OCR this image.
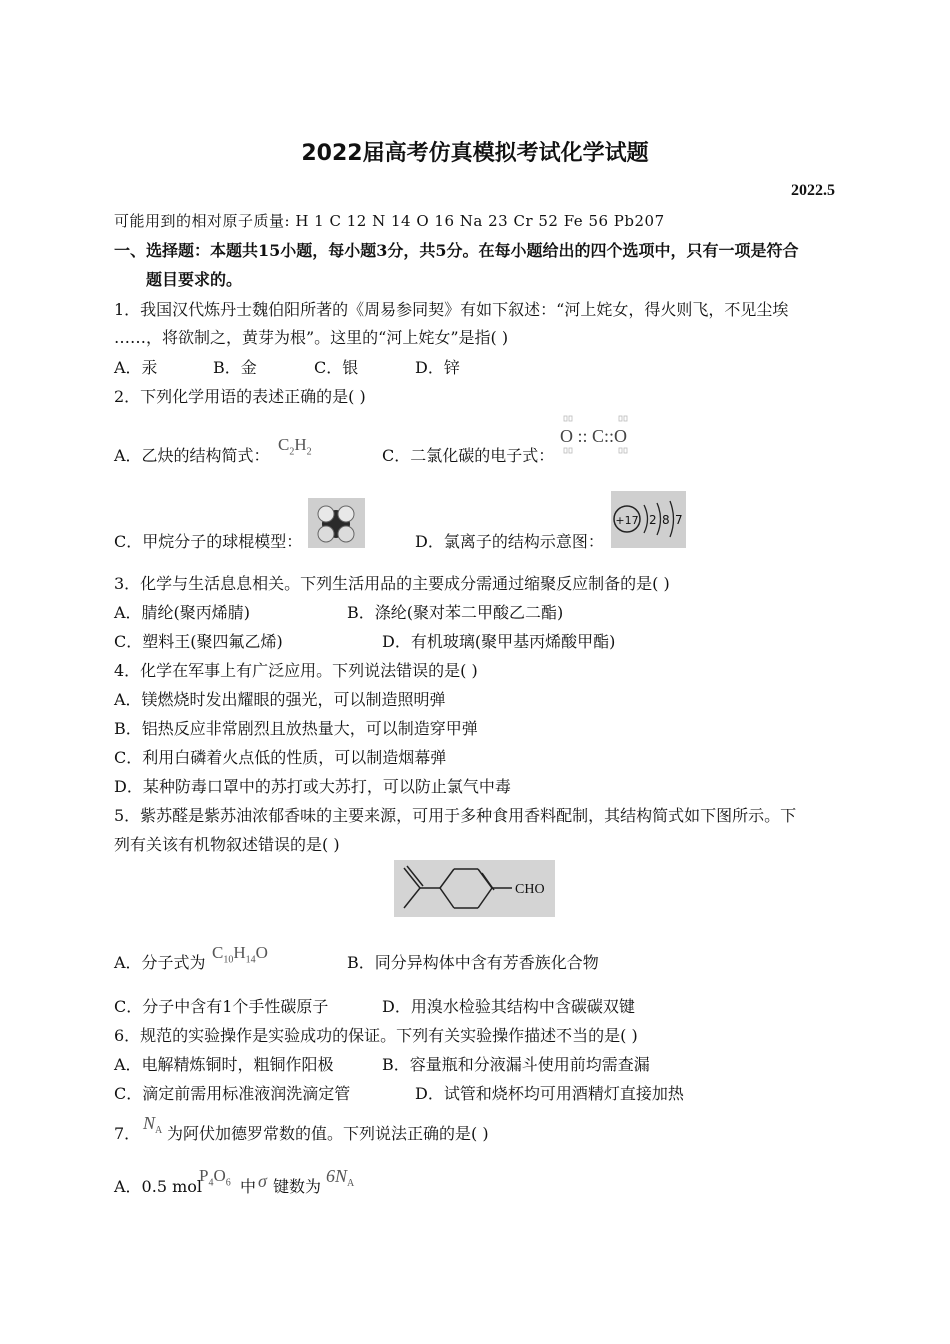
2022届高考仿真模拟考试化学试题
2022.5
可能用到的相对原子质量: H 1 C 12 N 14 O 16 Na 23 Cr 52 Fe 56 Pb207
一、选择题：本题共15小题，每小题3分，共5分。在每小题给出的四个选项中，只有一项是符合
题目要求的。
1．我国汉代炼丹士魏伯阳所著的《周易参同契》有如下叙述：“河上姹女，得火则飞，不见尘埃
……，将欲制之，黄芽为根”。这里的“河上姹女”是指( )
A．汞	B．金	C．银	D．锌
2．下列化学用语的表述正确的是( )
A．乙炔的结构简式：
$C_2H_2$	C．二氯化碳的电子式：
O :: C::O
C．甲烷分子的球棍模型：	D．氯离子的结构示意图：
+17 2 8 7
3．化学与生活息息相关。下列生活用品的主要成分需通过缩聚反应制备的是( )
A．腈纶(聚丙烯腈)	B．涤纶(聚对苯二甲酸乙二酯)
C．塑料王(聚四氟乙烯)	D．有机玻璃(聚甲基丙烯酸甲酯)
4．化学在军事上有广泛应用。下列说法错误的是( )
A．镁燃烧时发出耀眼的强光，可以制造照明弹
B．铝热反应非常剧烈且放热量大，可以制造穿甲弹
C．利用白磷着火点低的性质，可以制造烟幕弹
D．某种防毒口罩中的苏打或大苏打，可以防止氯气中毒
5．紫苏醛是紫苏油浓郁香味的主要来源，可用于多种食用香料配制，其结构简式如下图所示。下
列有关该有机物叙述错误的是( )
CHO
A．分子式为
$C_{10}H_{14}O$
B．同分异构体中含有芳香族化合物
C．分子中含有1个手性碳原子	D．用溴水检验其结构中含碳碳双键
6．规范的实验操作是实验成功的保证。下列有关实验操作描述不当的是( )
A．电解精炼铜时，粗铜作阳极	B．容量瓶和分液漏斗使用前均需查漏
C．滴定前需用标准液润洗滴定管	D．试管和烧杯均可用酒精灯直接加热
7．
$N_A$ 为阿伏加德罗常数的值。下列说法正确的是( )
A．0.5 mol
$P_4O_6$ 中 σ 键数为
$6N_A$
